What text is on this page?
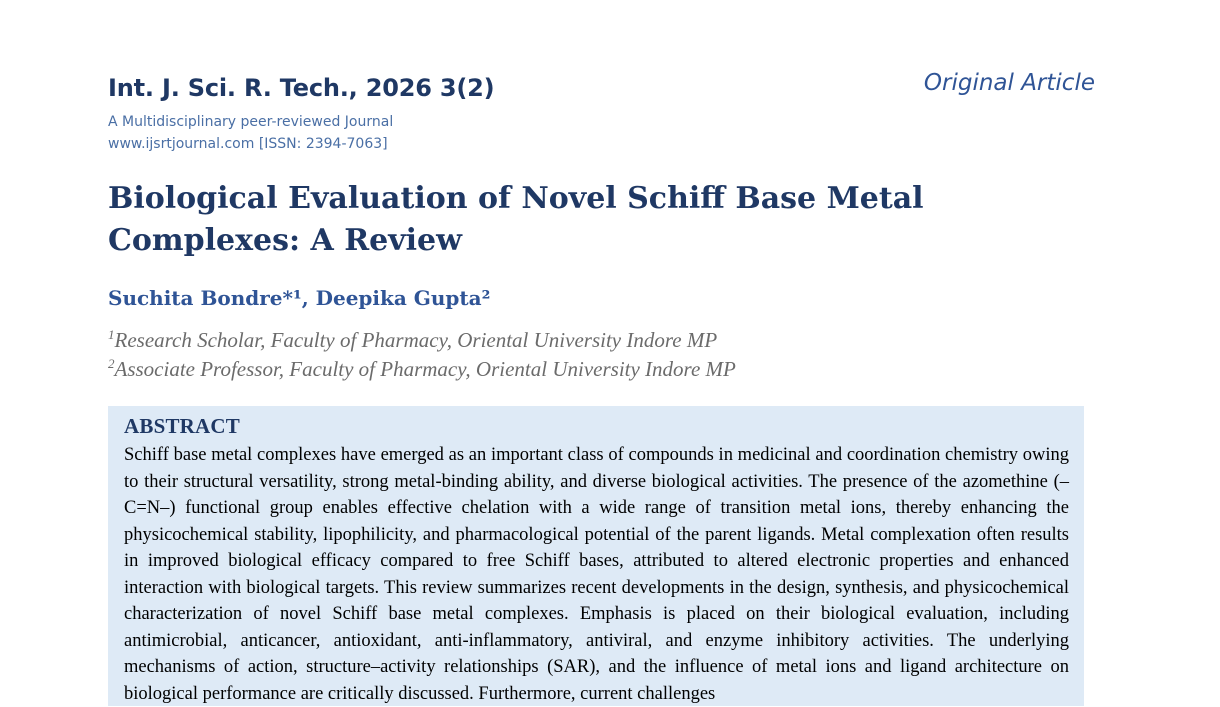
Int. J. Sci. R. Tech., 2026 3(2)	Original Article
A Multidisciplinary peer-reviewed Journal
www.ijsrtjournal.com [ISSN: 2394-7063]
Biological Evaluation of Novel Schiff Base Metal Complexes: A Review
Suchita Bondre*¹, Deepika Gupta²
$^1$Research Scholar, Faculty of Pharmacy, Oriental University Indore MP
$^2$Associate Professor, Faculty of Pharmacy, Oriental University Indore MP
ABSTRACT

Schiff base metal complexes have emerged as an important class of compounds in medicinal and coordination chemistry owing to their structural versatility, strong metal-binding ability, and diverse biological activities. The presence of the azomethine (–C=N–) functional group enables effective chelation with a wide range of transition metal ions, thereby enhancing the physicochemical stability, lipophilicity, and pharmacological potential of the parent ligands. Metal complexation often results in improved biological efficacy compared to free Schiff bases, attributed to altered electronic properties and enhanced interaction with biological targets. This review summarizes recent developments in the design, synthesis, and physicochemical characterization of novel Schiff base metal complexes. Emphasis is placed on their biological evaluation, including antimicrobial, anticancer, antioxidant, anti-inflammatory, antiviral, and enzyme inhibitory activities. The underlying mechanisms of action, structure–activity relationships (SAR), and the influence of metal ions and ligand architecture on biological performance are critically discussed. Furthermore, current challenges
